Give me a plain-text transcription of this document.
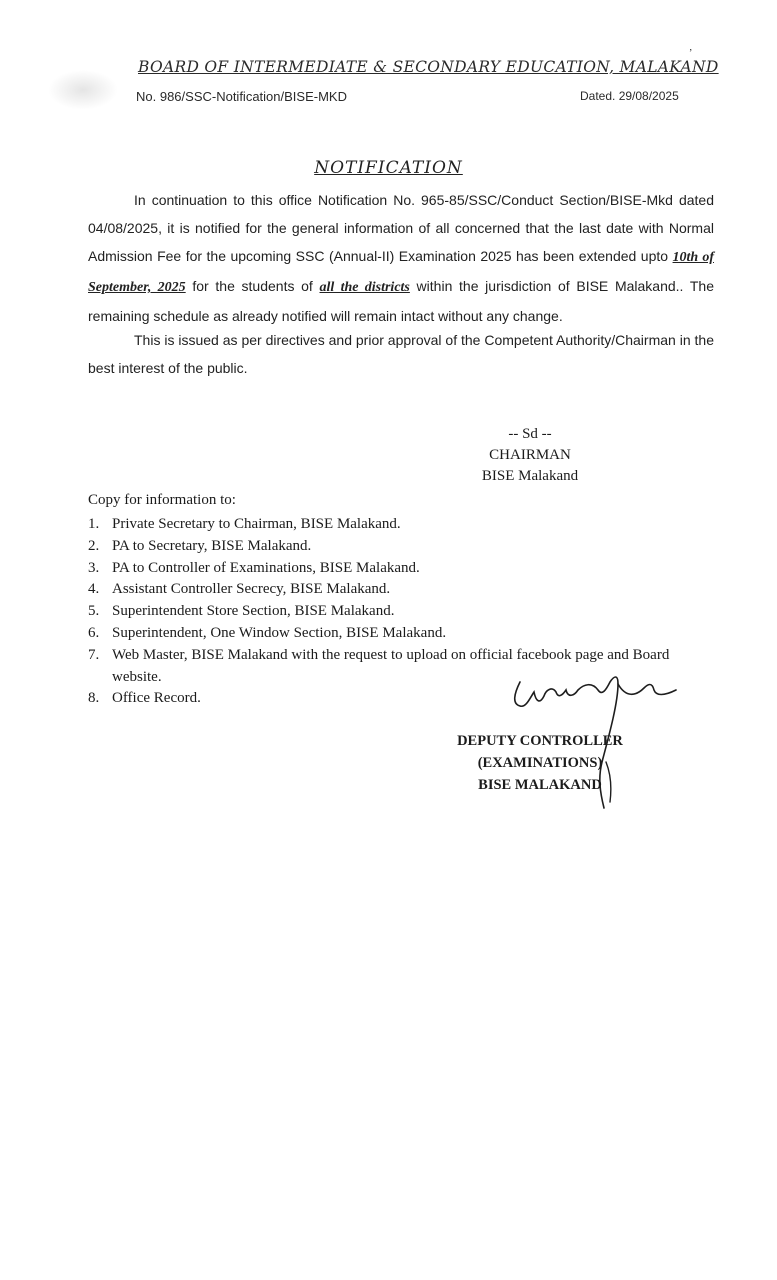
’
BOARD OF INTERMEDIATE & SECONDARY EDUCATION, MALAKAND
No. 986/SSC-Notification/BISE-MKD	Dated. 29/08/2025
NOTIFICATION
In continuation to this office Notification No. 965-85/SSC/Conduct Section/BISE-Mkd dated 04/08/2025, it is notified for the general information of all concerned that the last date with Normal Admission Fee for the upcoming SSC (Annual-II) Examination 2025 has been extended upto 10th of September, 2025 for the students of all the districts within the jurisdiction of BISE Malakand.. The remaining schedule as already notified will remain intact without any change.
This is issued as per directives and prior approval of the Competent Authority/Chairman in the best interest of the public.
-- Sd --
CHAIRMAN
BISE Malakand
Copy for information to:
1. Private Secretary to Chairman, BISE Malakand.
2. PA to Secretary, BISE Malakand.
3. PA to Controller of Examinations, BISE Malakand.
4. Assistant Controller Secrecy, BISE Malakand.
5. Superintendent Store Section, BISE Malakand.
6. Superintendent, One Window Section, BISE Malakand.
7. Web Master, BISE Malakand with the request to upload on official facebook page and Board website.
8. Office Record.
DEPUTY CONTROLLER
(EXAMINATIONS)
BISE MALAKAND
